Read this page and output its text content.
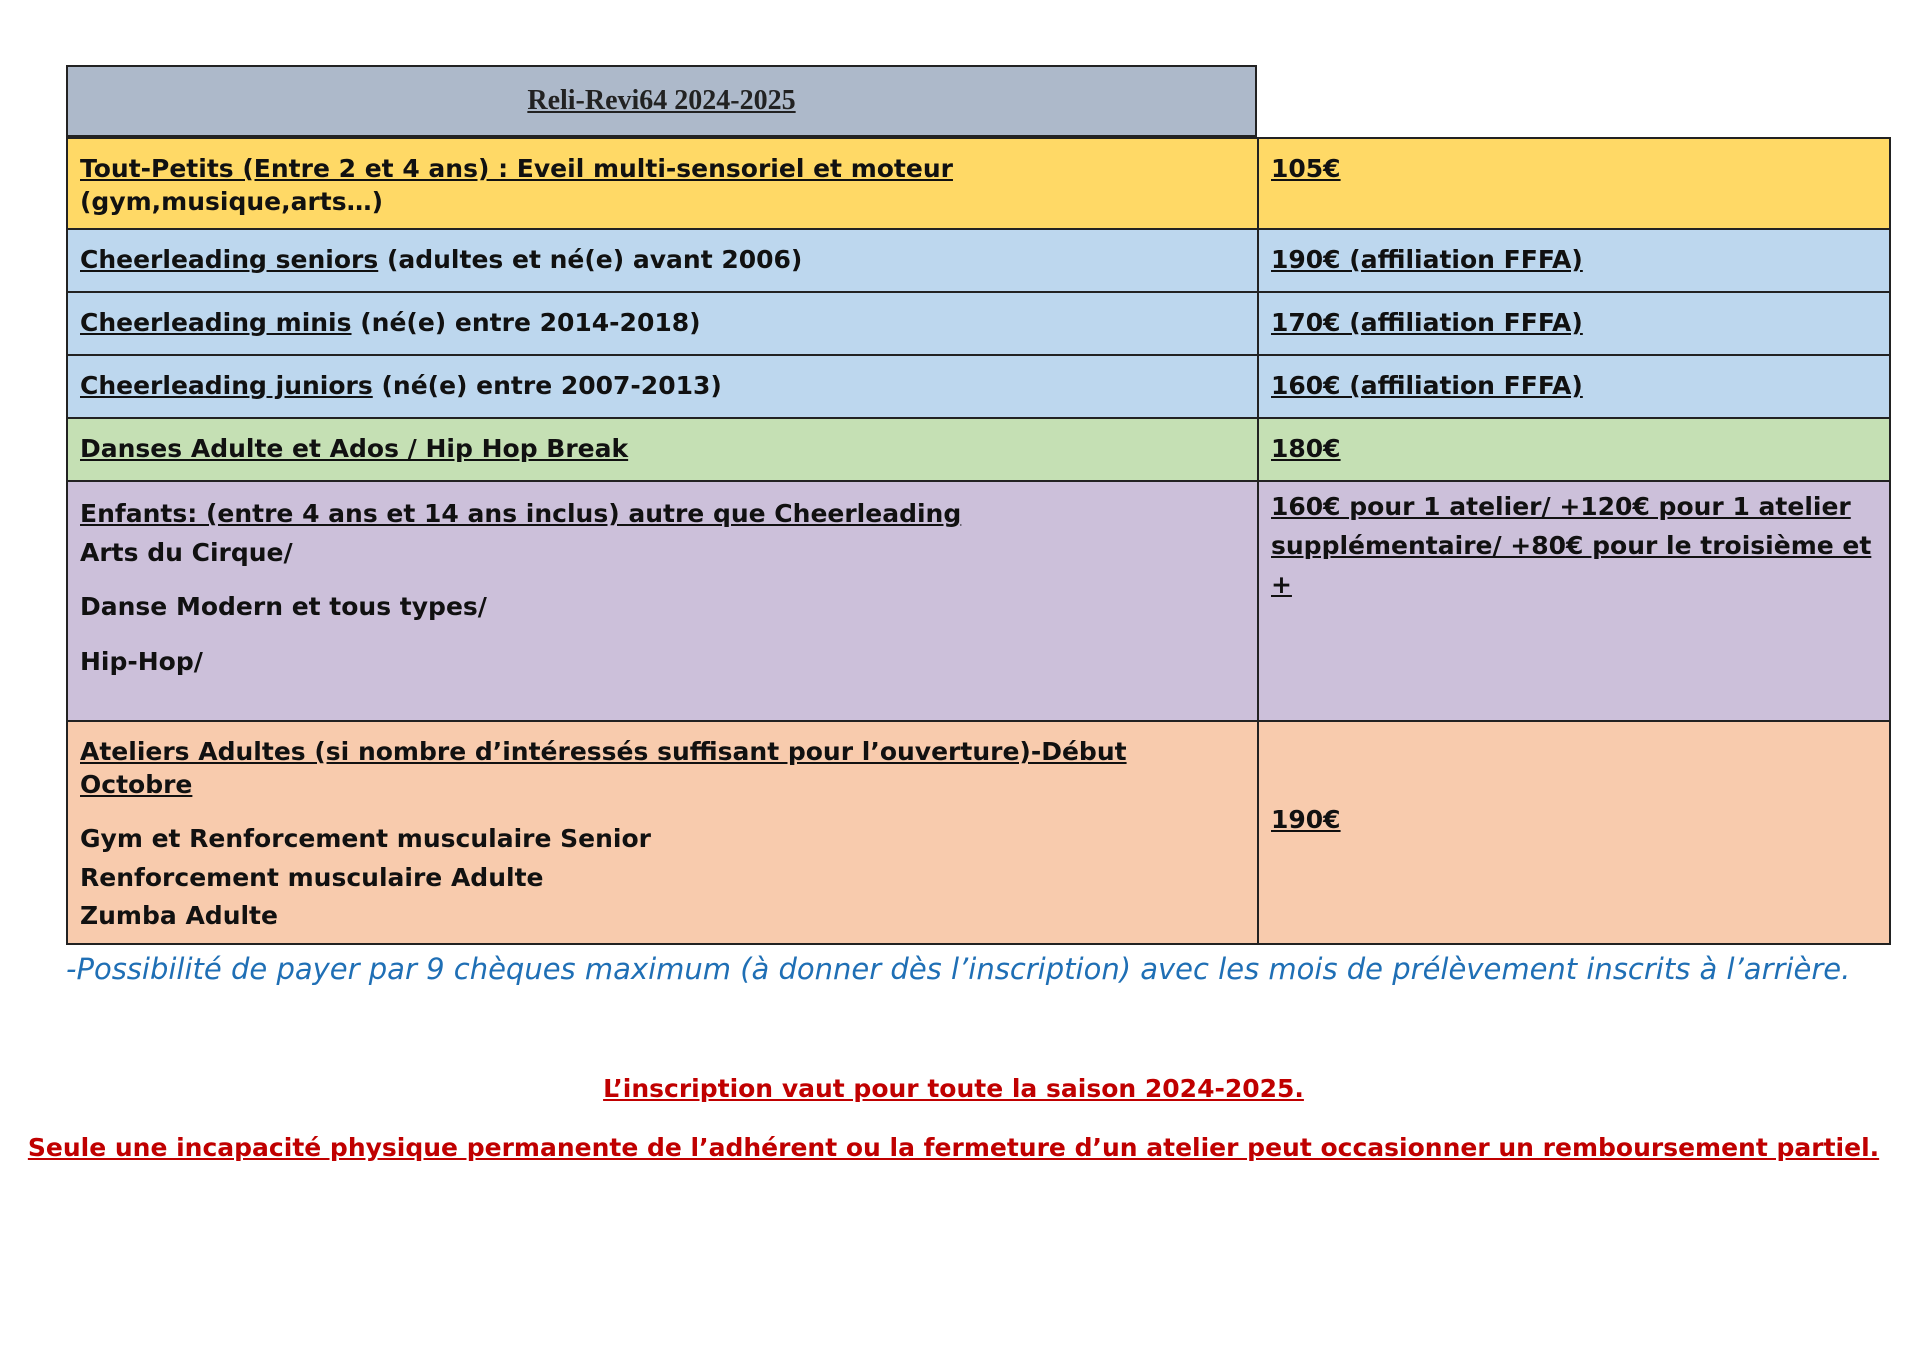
Reli-Revi64 2024-2025
Tout-Petits (Entre 2 et 4 ans) : Eveil multi-sensoriel et moteur (gym,musique,arts…)	105€
Cheerleading seniors (adultes et né(e) avant 2006)	190€ (affiliation FFFA)
Cheerleading minis (né(e) entre 2014-2018)	170€ (affiliation FFFA)
Cheerleading juniors (né(e) entre 2007-2013)	160€ (affiliation FFFA)
Danses Adulte et Ados / Hip Hop Break	180€

Enfants: (entre 4 ans et 14 ans inclus) autre que Cheerleading
Arts du Cirque/
Danse Modern et tous types/
Hip-Hop/	160€ pour 1 atelier/ +120€ pour 1 atelier
supplémentaire/ +80€ pour le troisième et +

Ateliers Adultes (si nombre d’intéressés suffisant pour l’ouverture)-Début Octobre
Gym et Renforcement musculaire Senior
Renforcement musculaire Adulte
Zumba Adulte	190€
-Possibilité de payer par 9 chèques maximum (à donner dès l’inscription) avec les mois de prélèvement inscrits à l’arrière.
L’inscription vaut pour toute la saison 2024-2025.
Seule une incapacité physique permanente de l’adhérent ou la fermeture d’un atelier peut occasionner un remboursement partiel.
